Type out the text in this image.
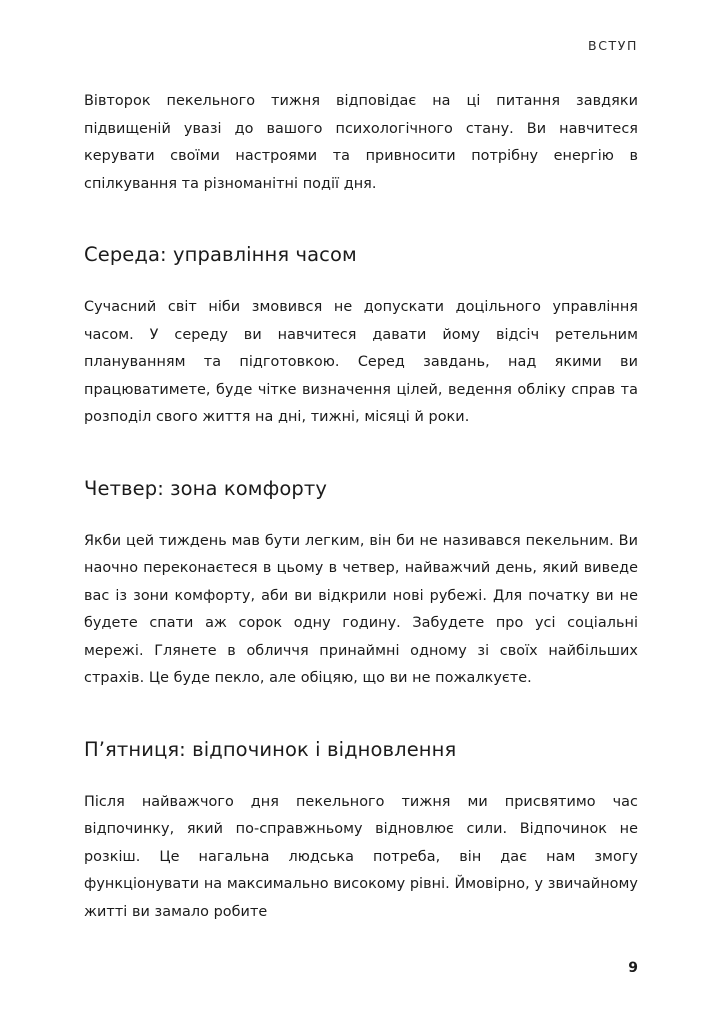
ВСТУП

Вівторок пекельного тижня відповідає на ці питання завдяки підвищеній увазі до вашого психологічного стану. Ви навчитеся керувати своїми настроями та привносити потрібну енергію в спілкування та різноманітні події дня.

Середа: управління часом

Сучасний світ ніби змовився не допускати доцільного управління часом. У середу ви навчитеся давати йому відсіч ретельним плануванням та підготовкою. Серед завдань, над якими ви працюватимете, буде чітке визначення цілей, ведення обліку справ та розподіл свого життя на дні, тижні, місяці й роки.

Четвер: зона комфорту

Якби цей тиждень мав бути легким, він би не називався пекельним. Ви наочно переконаєтеся в цьому в четвер, найважчий день, який виведе вас із зони комфорту, аби ви відкрили нові рубежі. Для початку ви не будете спати аж сорок одну годину. Забудете про усі соціальні мережі. Глянете в обличчя принаймні одному зі своїх найбільших страхів. Це буде пекло, але обіцяю, що ви не пожалкуєте.

П’ятниця: відпочинок і відновлення

Після найважчого дня пекельного тижня ми присвятимо час відпочинку, який по-справжньому відновлює сили. Відпочинок не розкіш. Це нагальна людська потреба, він дає нам змогу функціонувати на максимально високому рівні. Ймовірно, у звичайному житті ви замало робите

9
